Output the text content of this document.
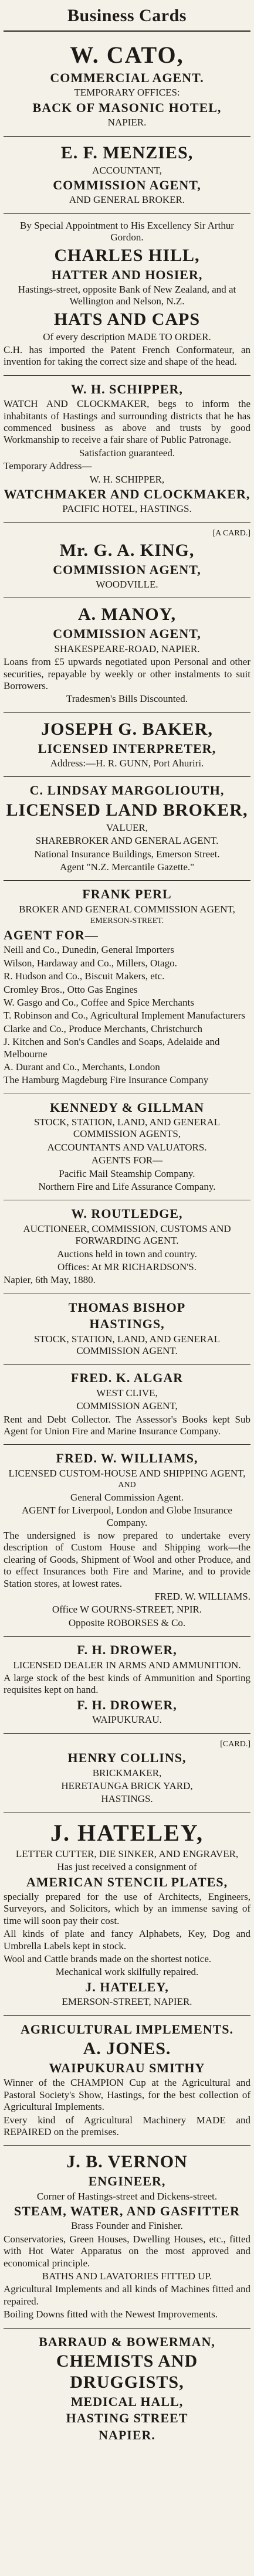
Business Cards
W. CATO,
COMMERCIAL AGENT.
TEMPORARY OFFICES:
BACK OF MASONIC HOTEL,
NAPIER.
E. F. MENZIES,
ACCOUNTANT,
COMMISSION AGENT,
AND GENERAL BROKER.
By Special Appointment to His Excellency Sir Arthur Gordon.
CHARLES HILL,
HATTER AND HOSIER,
Hastings-street, opposite Bank of New Zealand, and at Wellington and Nelson, N.Z.
HATS AND CAPS
Of every description MADE TO ORDER.
C.H. has imported the Patent French Conformateur, an invention for taking the correct size and shape of the head.
W. H. SCHIPPER,
WATCH AND CLOCKMAKER, begs to inform the inhabitants of Hastings and surrounding districts that he has commenced business as above and trusts by good Workmanship to receive a fair share of Public Patronage.
Satisfaction guaranteed.
Temporary Address—
W. H. SCHIPPER,
WATCHMAKER AND CLOCKMAKER,
PACIFIC HOTEL, HASTINGS.
[A CARD.]
Mr. G. A. KING,
COMMISSION AGENT,
WOODVILLE.
A. MANOY,
COMMISSION AGENT,
SHAKESPEARE-ROAD, NAPIER.
Loans from £5 upwards negotiated upon Personal and other securities, repayable by weekly or other instalments to suit Borrowers.
Tradesmen's Bills Discounted.
JOSEPH G. BAKER,
LICENSED INTERPRETER,
Address:—H. R. GUNN, Port Ahuriri.
C. LINDSAY MARGOLIOUTH,
LICENSED LAND BROKER,
VALUER,
SHAREBROKER AND GENERAL AGENT.
National Insurance Buildings, Emerson Street.
Agent "N.Z. Mercantile Gazette."
FRANK PERL
BROKER AND GENERAL COMMISSION AGENT,
EMERSON-STREET.
AGENT FOR—
Neill and Co., Dunedin, General Importers
Wilson, Hardaway and Co., Millers, Otago.
R. Hudson and Co., Biscuit Makers, etc.
Cromley Bros., Otto Gas Engines
W. Gasgo and Co., Coffee and Spice Merchants
T. Robinson and Co., Agricultural Implement Manufacturers
Clarke and Co., Produce Merchants, Christchurch
J. Kitchen and Son's Candles and Soaps, Adelaide and Melbourne
A. Durant and Co., Merchants, London
The Hamburg Magdeburg Fire Insurance Company
KENNEDY & GILLMAN
STOCK, STATION, LAND, AND GENERAL COMMISSION AGENTS,
ACCOUNTANTS AND VALUATORS.
AGENTS FOR—
Pacific Mail Steamship Company.
Northern Fire and Life Assurance Company.
W. ROUTLEDGE,
AUCTIONEER, COMMISSION, CUSTOMS AND FORWARDING AGENT.
Auctions held in town and country.
Offices: At MR RICHARDSON'S.
Napier, 6th May, 1880.
THOMAS BISHOP
HASTINGS,
STOCK, STATION, LAND, AND GENERAL COMMISSION AGENT.
FRED. K. ALGAR
WEST CLIVE,
COMMISSION AGENT,
Rent and Debt Collector. The Assessor's Books kept Sub Agent for Union Fire and Marine Insurance Company.
FRED. W. WILLIAMS,
LICENSED CUSTOM-HOUSE AND SHIPPING AGENT,
AND
General Commission Agent.
AGENT for Liverpool, London and Globe Insurance Company.
The undersigned is now prepared to undertake every description of Custom House and Shipping work—the clearing of Goods, Shipment of Wool and other Produce, and to effect Insurances both Fire and Marine, and to provide Station stores, at lowest rates.
FRED. W. WILLIAMS.
Office W GOURNS-STREET, NPIR.
Opposite ROBORSES & Co.
F. H. DROWER,
LICENSED DEALER IN ARMS AND AMMUNITION.
A large stock of the best kinds of Ammunition and Sporting requisites kept on hand.
F. H. DROWER,
WAIPUKURAU.
[CARD.]
HENRY COLLINS,
BRICKMAKER,
HERETAUNGA BRICK YARD,
HASTINGS.
J. HATELEY,
LETTER CUTTER, DIE SINKER, AND ENGRAVER,
Has just received a consignment of
AMERICAN STENCIL PLATES,
specially prepared for the use of Architects, Engineers, Surveyors, and Solicitors, which by an immense saving of time will soon pay their cost.
All kinds of plate and fancy Alphabets, Key, Dog and Umbrella Labels kept in stock.
Wool and Cattle brands made on the shortest notice.
Mechanical work skilfully repaired.
J. HATELEY,
EMERSON-STREET, NAPIER.
AGRICULTURAL IMPLEMENTS.
A. JONES.
WAIPUKURAU SMITHY
Winner of the CHAMPION Cup at the Agricultural and Pastoral Society's Show, Hastings, for the best collection of Agricultural Implements.
Every kind of Agricultural Machinery MADE and REPAIRED on the premises.
J. B. VERNON
ENGINEER,
Corner of Hastings-street and Dickens-street.
STEAM, WATER, AND GASFITTER
Brass Founder and Finisher.
Conservatories, Green Houses, Dwelling Houses, etc., fitted with Hot Water Apparatus on the most approved and economical principle.
BATHS AND LAVATORIES FITTED UP.
Agricultural Implements and all kinds of Machines fitted and repaired.
Boiling Downs fitted with the Newest Improvements.
BARRAUD & BOWERMAN,
CHEMISTS AND DRUGGISTS,
MEDICAL HALL,
HASTING STREET
NAPIER.
